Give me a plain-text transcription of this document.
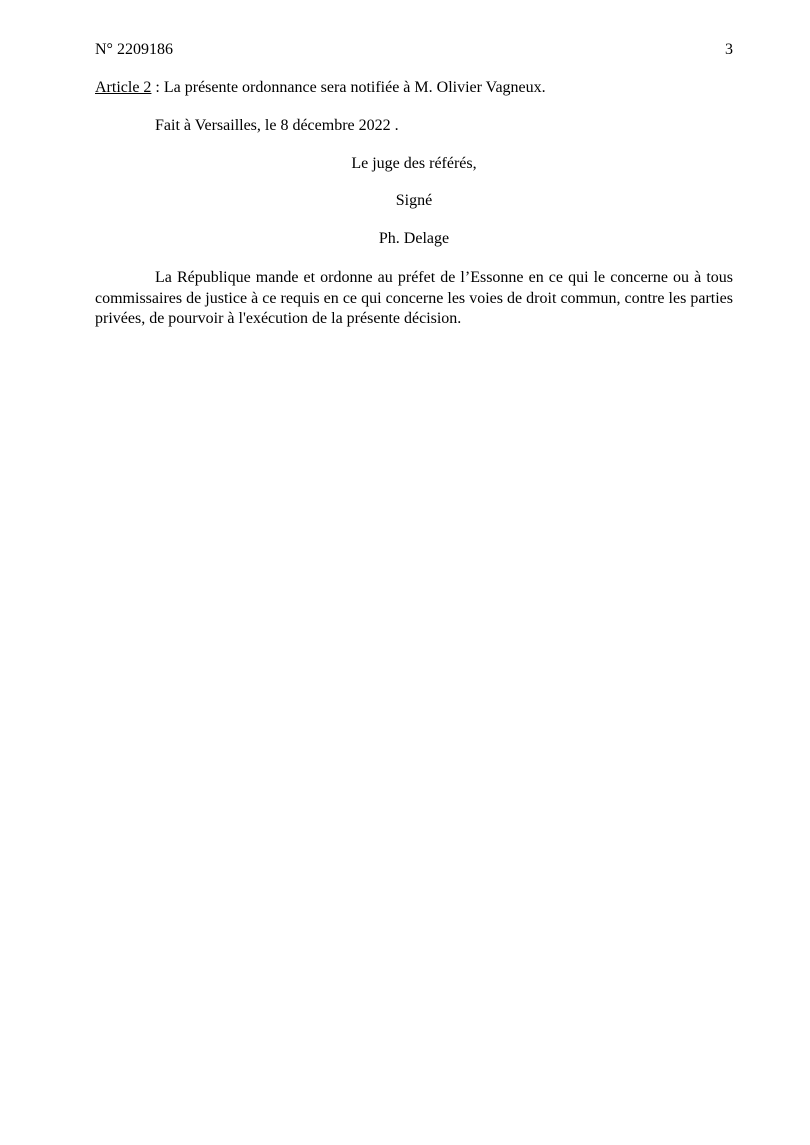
N° 2209186	3

Article 2 : La présente ordonnance sera notifiée à M. Olivier Vagneux.

Fait à Versailles, le 8 décembre 2022 .

Le juge des référés,

Signé

Ph. Delage

La République mande et ordonne au préfet de l’Essonne en ce qui le concerne ou à tous commissaires de justice à ce requis en ce qui concerne les voies de droit commun, contre les parties privées, de pourvoir à l'exécution de la présente décision.
